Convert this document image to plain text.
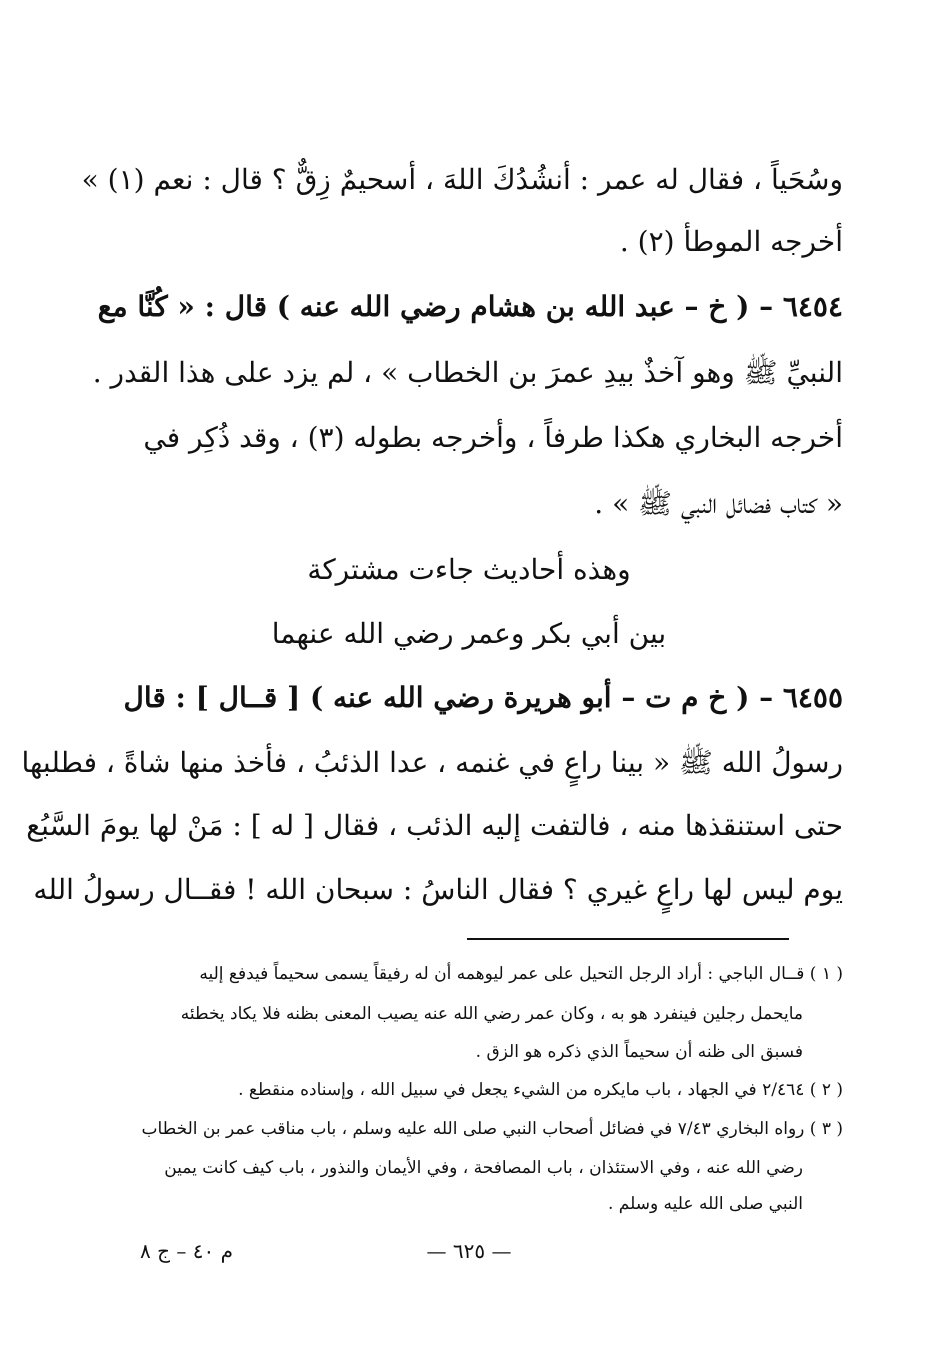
وسُحَياً ، فقال له عمر : أنشُدُكَ اللهَ ، أسحيمٌ زِقٌّ ؟ قال : نعم (١) »
أخرجه الموطأ (٢) .
٦٤٥٤ – ( خ – عبد الله بن هشام رضي الله عنه ) قال : « كُنَّا مع
النبيِّ ﷺ وهو آخذٌ بيدِ عمرَ بن الخطاب » ، لم يزد على هذا القدر .
أخرجه البخاري هكذا طرفاً ، وأخرجه بطوله (٣) ، وقد ذُكِر في
« كتاب فضائل النبي ﷺ » .
وهذه أحاديث جاءت مشتركة
بين أبي بكر وعمر رضي الله عنهما
٦٤٥٥ – ( خ م ت – أبو هريرة رضي الله عنه ) [ قــال ] : قال
رسولُ الله ﷺ « بينا راعٍ في غنمه ، عدا الذئبُ ، فأخذ منها شاةً ، فطلبها
حتى استنقذها منه ، فالتفت إليه الذئب ، فقال [ له ] : مَنْ لها يومَ السَّبُع
يوم ليس لها راعٍ غيري ؟ فقال الناسُ : سبحان الله ! فقــال رسولُ الله
( ١ ) قــال الباجي : أراد الرجل التحيل على عمر ليوهمه أن له رفيقاً يسمى سحيماً فيدفع إليه
مايحمل رجلين فينفرد هو به ، وكان عمر رضي الله عنه يصيب المعنى بظنه فلا يكاد يخطئه
فسبق الى ظنه أن سحيماً الذي ذكره هو الزق .
( ٢ ) ٢/٤٦٤ في الجهاد ، باب مايكره من الشيء يجعل في سبيل الله ، وإسناده منقطع .
( ٣ ) رواه البخاري ٧/٤٣ في فضائل أصحاب النبي صلى الله عليه وسلم ، باب مناقب عمر بن الخطاب
رضي الله عنه ، وفي الاستئذان ، باب المصافحة ، وفي الأيمان والنذور ، باب كيف كانت يمين
النبي صلى الله عليه وسلم .
— ٦٢٥ —
م ٤٠ – ج ٨
